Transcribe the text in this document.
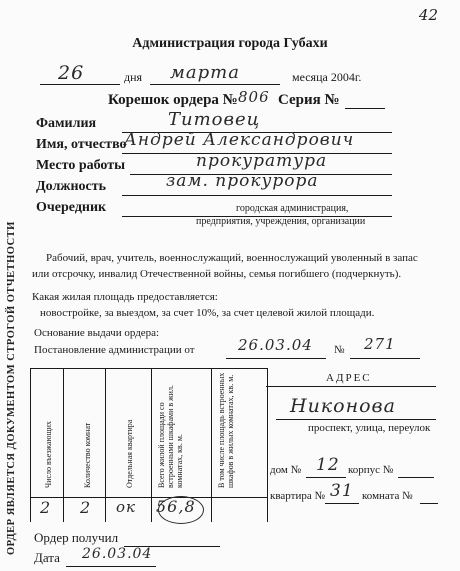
42
Администрация города Губахи
26	дня марта	месяца 2004г.
Корешок ордера № 806 Серия №
Фамилия	Титовец
Имя, отчество
Андрей Александрович
Место работы	прокуратура
Должность	зам. прокурора
Очередник	городская администрация,
предприятия, учреждения, организации
Рабочий, врач, учитель, военнослужащий, военнослужащий уволенный в запас
или отсрочку, инвалид Отечественной войны, семья погибшего (подчеркнуть).
Какая жилая площадь предоставляется:
новостройке, за выездом, за счет 10%, за счет целевой жилой площади.
Основание выдачи ордера:
Постановление администрации от	26.03.04 № 271
Число въезжающих	Количество комнат	Отдельная квартира	Всего жилой площади со встроенными шкафами в жил. комнатах, кв. м.	В том числе площадь встроенных шкафов в жилых комнатах, кв. м.
2 2 ок 56,8
АДРЕС
Никонова
проспект, улица, переулок
дом № 12 корпус №
квартира № 31 комната №
Ордер получил
Дата 26.03.04
ОРДЕР ЯВЛЯЕТСЯ ДОКУМЕНТОМ СТРОГОЙ ОТЧЕТНОСТИ
